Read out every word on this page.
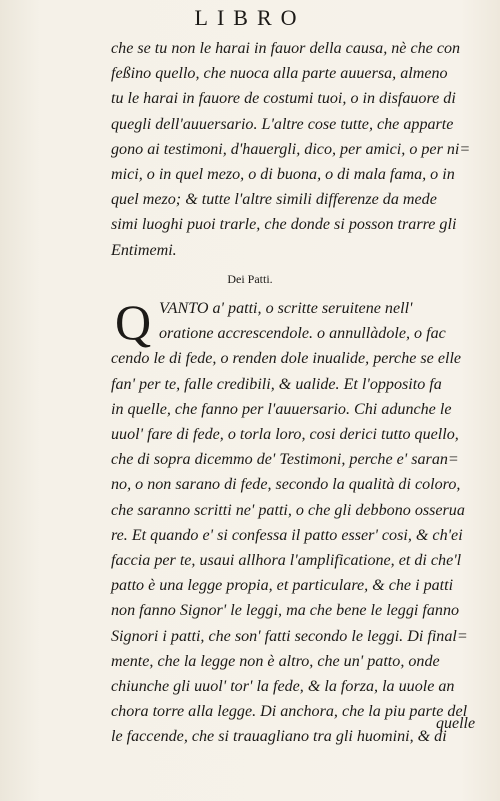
LIBRO
che se tu non le harai in fauor della causa, nè che con
feßino quello, che nuoca alla parte auuersa, almeno
tu le harai in fauore de costumi tuoi, o in disfauore di
quegli dell'auuersario. L'altre cose tutte, che apparte
gono ai testimoni, d'hauergli, dico, per amici, o per ni=
mici, o in quel mezo, o di buona, o di mala fama, o in
quel mezo; & tutte l'altre simili differenze da mede
simi luoghi puoi trarle, che donde si posson trarre gli
Entimemi.
Dei Patti.
Q VANTO a' patti, o scritte seruitene nell'
oratione accrescendole. o annullàdole, o fac
cendo le di fede, o renden dole inualide, perche se elle
fan' per te, falle credibili, & ualide. Et l'opposito fa
in quelle, che fanno per l'auuersario. Chi adunche le
uuol' fare di fede, o torla loro, cosi derici tutto quello,
che di sopra dicemmo de' Testimoni, perche e' saran=
no, o non sarano di fede, secondo la qualità di coloro,
che saranno scritti ne' patti, o che gli debbono osserua
re. Et quando e' si confessa il patto esser' cosi, & ch'ei
faccia per te, usaui allhora l'amplificatione, et di che'l
patto è una legge propia, et particulare, & che i patti
non fanno Signor' le leggi, ma che bene le leggi fanno
Signori i patti, che son' fatti secondo le leggi. Di final=
mente, che la legge non è altro, che un' patto, onde
chiunche gli uuol' tor' la fede, & la forza, la uuole an
chora torre alla legge. Di anchora, che la piu parte del
le faccende, che si trauagliano tra gli huomini, & di
quelle
